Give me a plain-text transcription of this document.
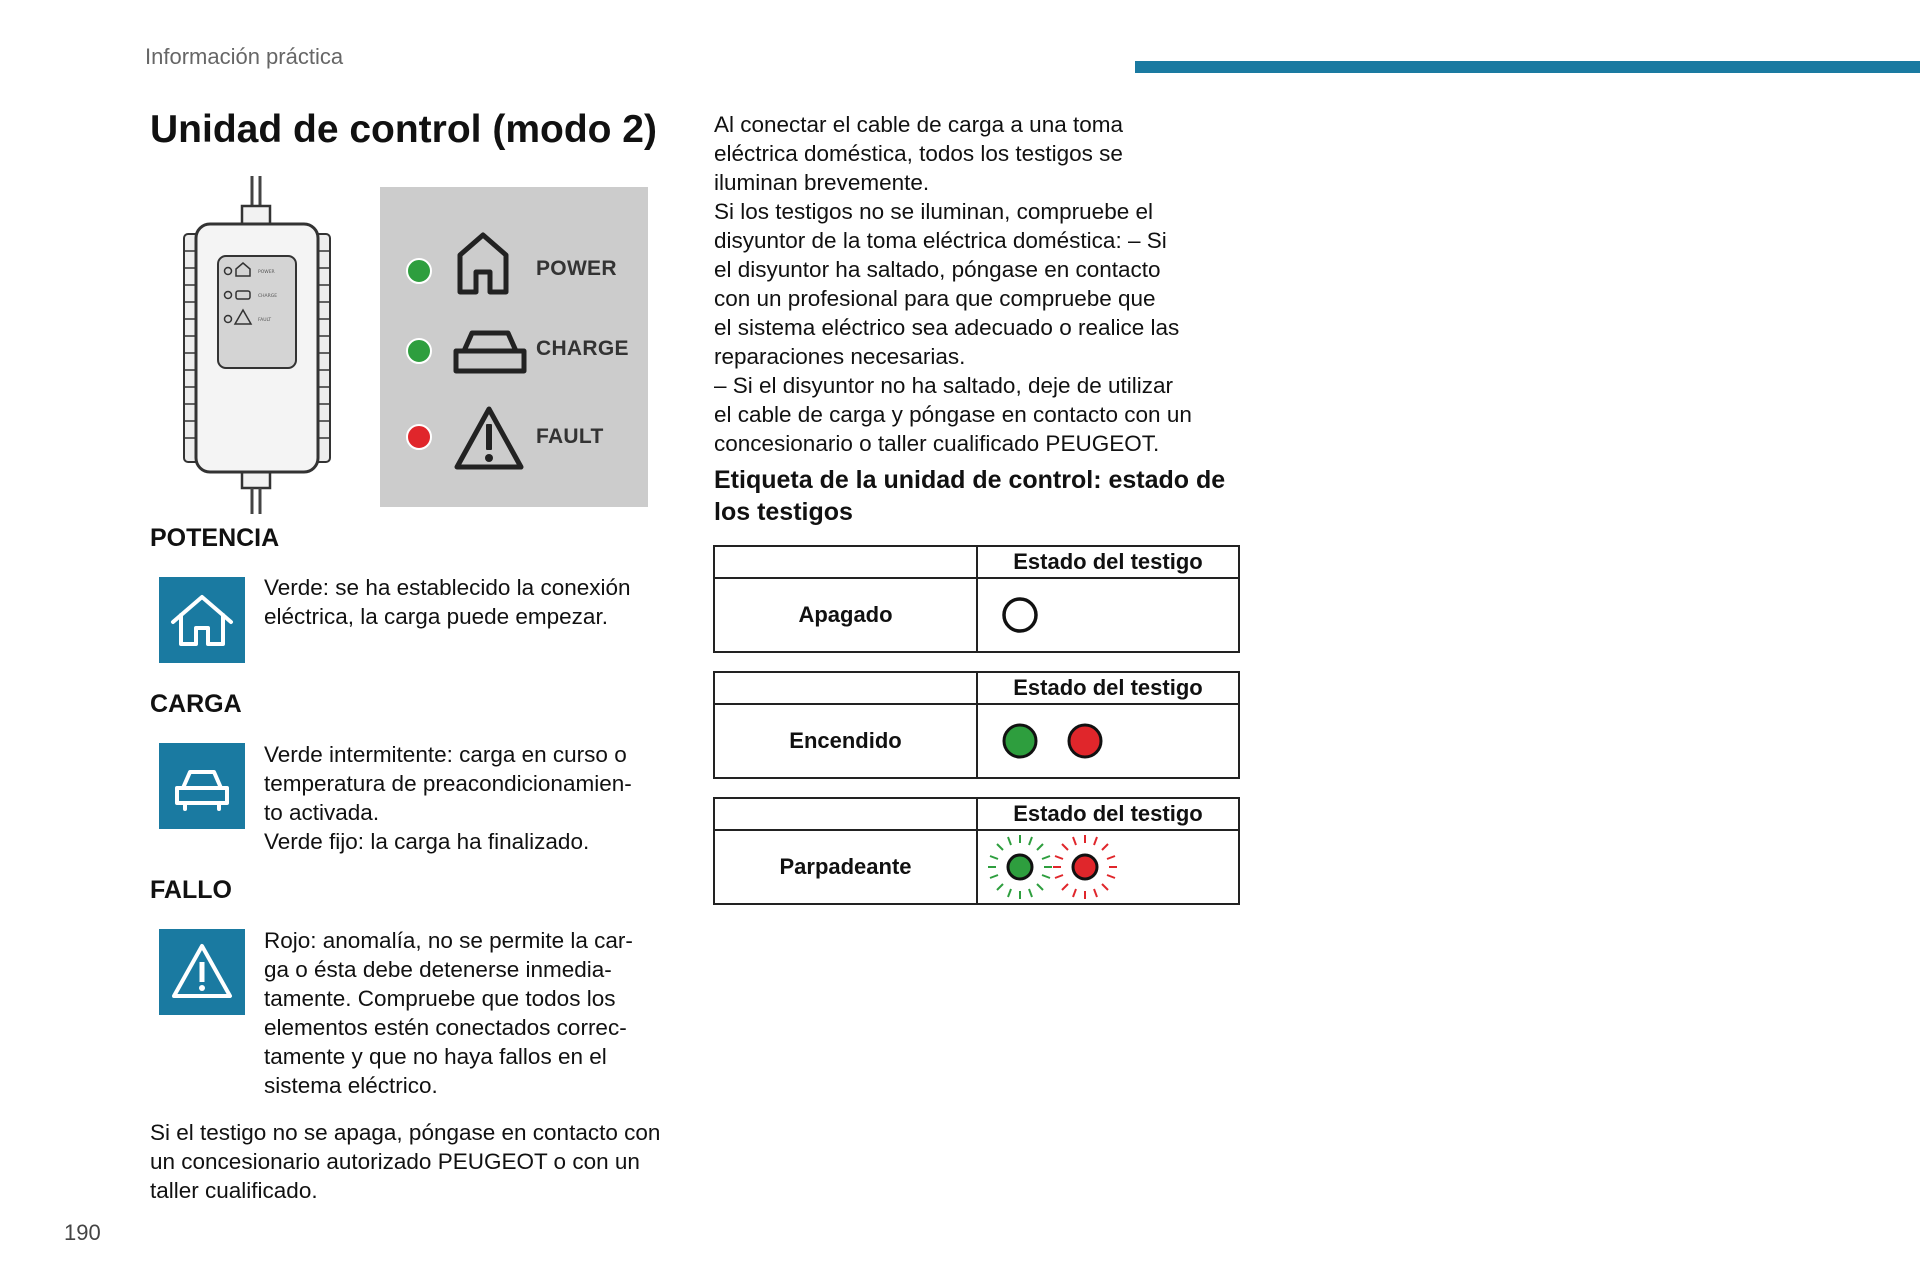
Información práctica
Unidad de control (modo 2)
POWER
CHARGE
FAULT
POWER
CHARGE
FAULT
POTENCIA

Verde: se ha establecido la conexión

eléctrica, la carga puede empezar.

CARGA

Verde intermitente: carga en curso o

temperatura de preacondicionamien-

to activada.

Verde fijo: la carga ha finalizado.

FALLO

Rojo: anomalía, no se permite la car-

ga o ésta debe detenerse inmedia-

tamente. Compruebe que todos los

elementos estén conectados correc-

tamente y que no haya fallos en el

sistema eléctrico.

Si el testigo no se apaga, póngase en contacto con un concesionario autorizado PEUGEOT o con un taller cualificado.
190

Al conectar el cable de carga a una toma

eléctrica doméstica, todos los testigos se

iluminan brevemente.

Si los testigos no se iluminan, compruebe el

disyuntor de la toma eléctrica doméstica: – Si

el disyuntor ha saltado, póngase en contacto

con un profesional para que compruebe que

el sistema eléctrico sea adecuado o realice las

reparaciones necesarias.

– Si el disyuntor no ha saltado, deje de utilizar

el cable de carga y póngase en contacto con un

concesionario o taller cualificado PEUGEOT.

Etiqueta de la unidad de control: estado de los testigos
	Estado del testigo
Apagado	
	Estado del testigo
Encendido	
	Estado del testigo
Parpadeante	
